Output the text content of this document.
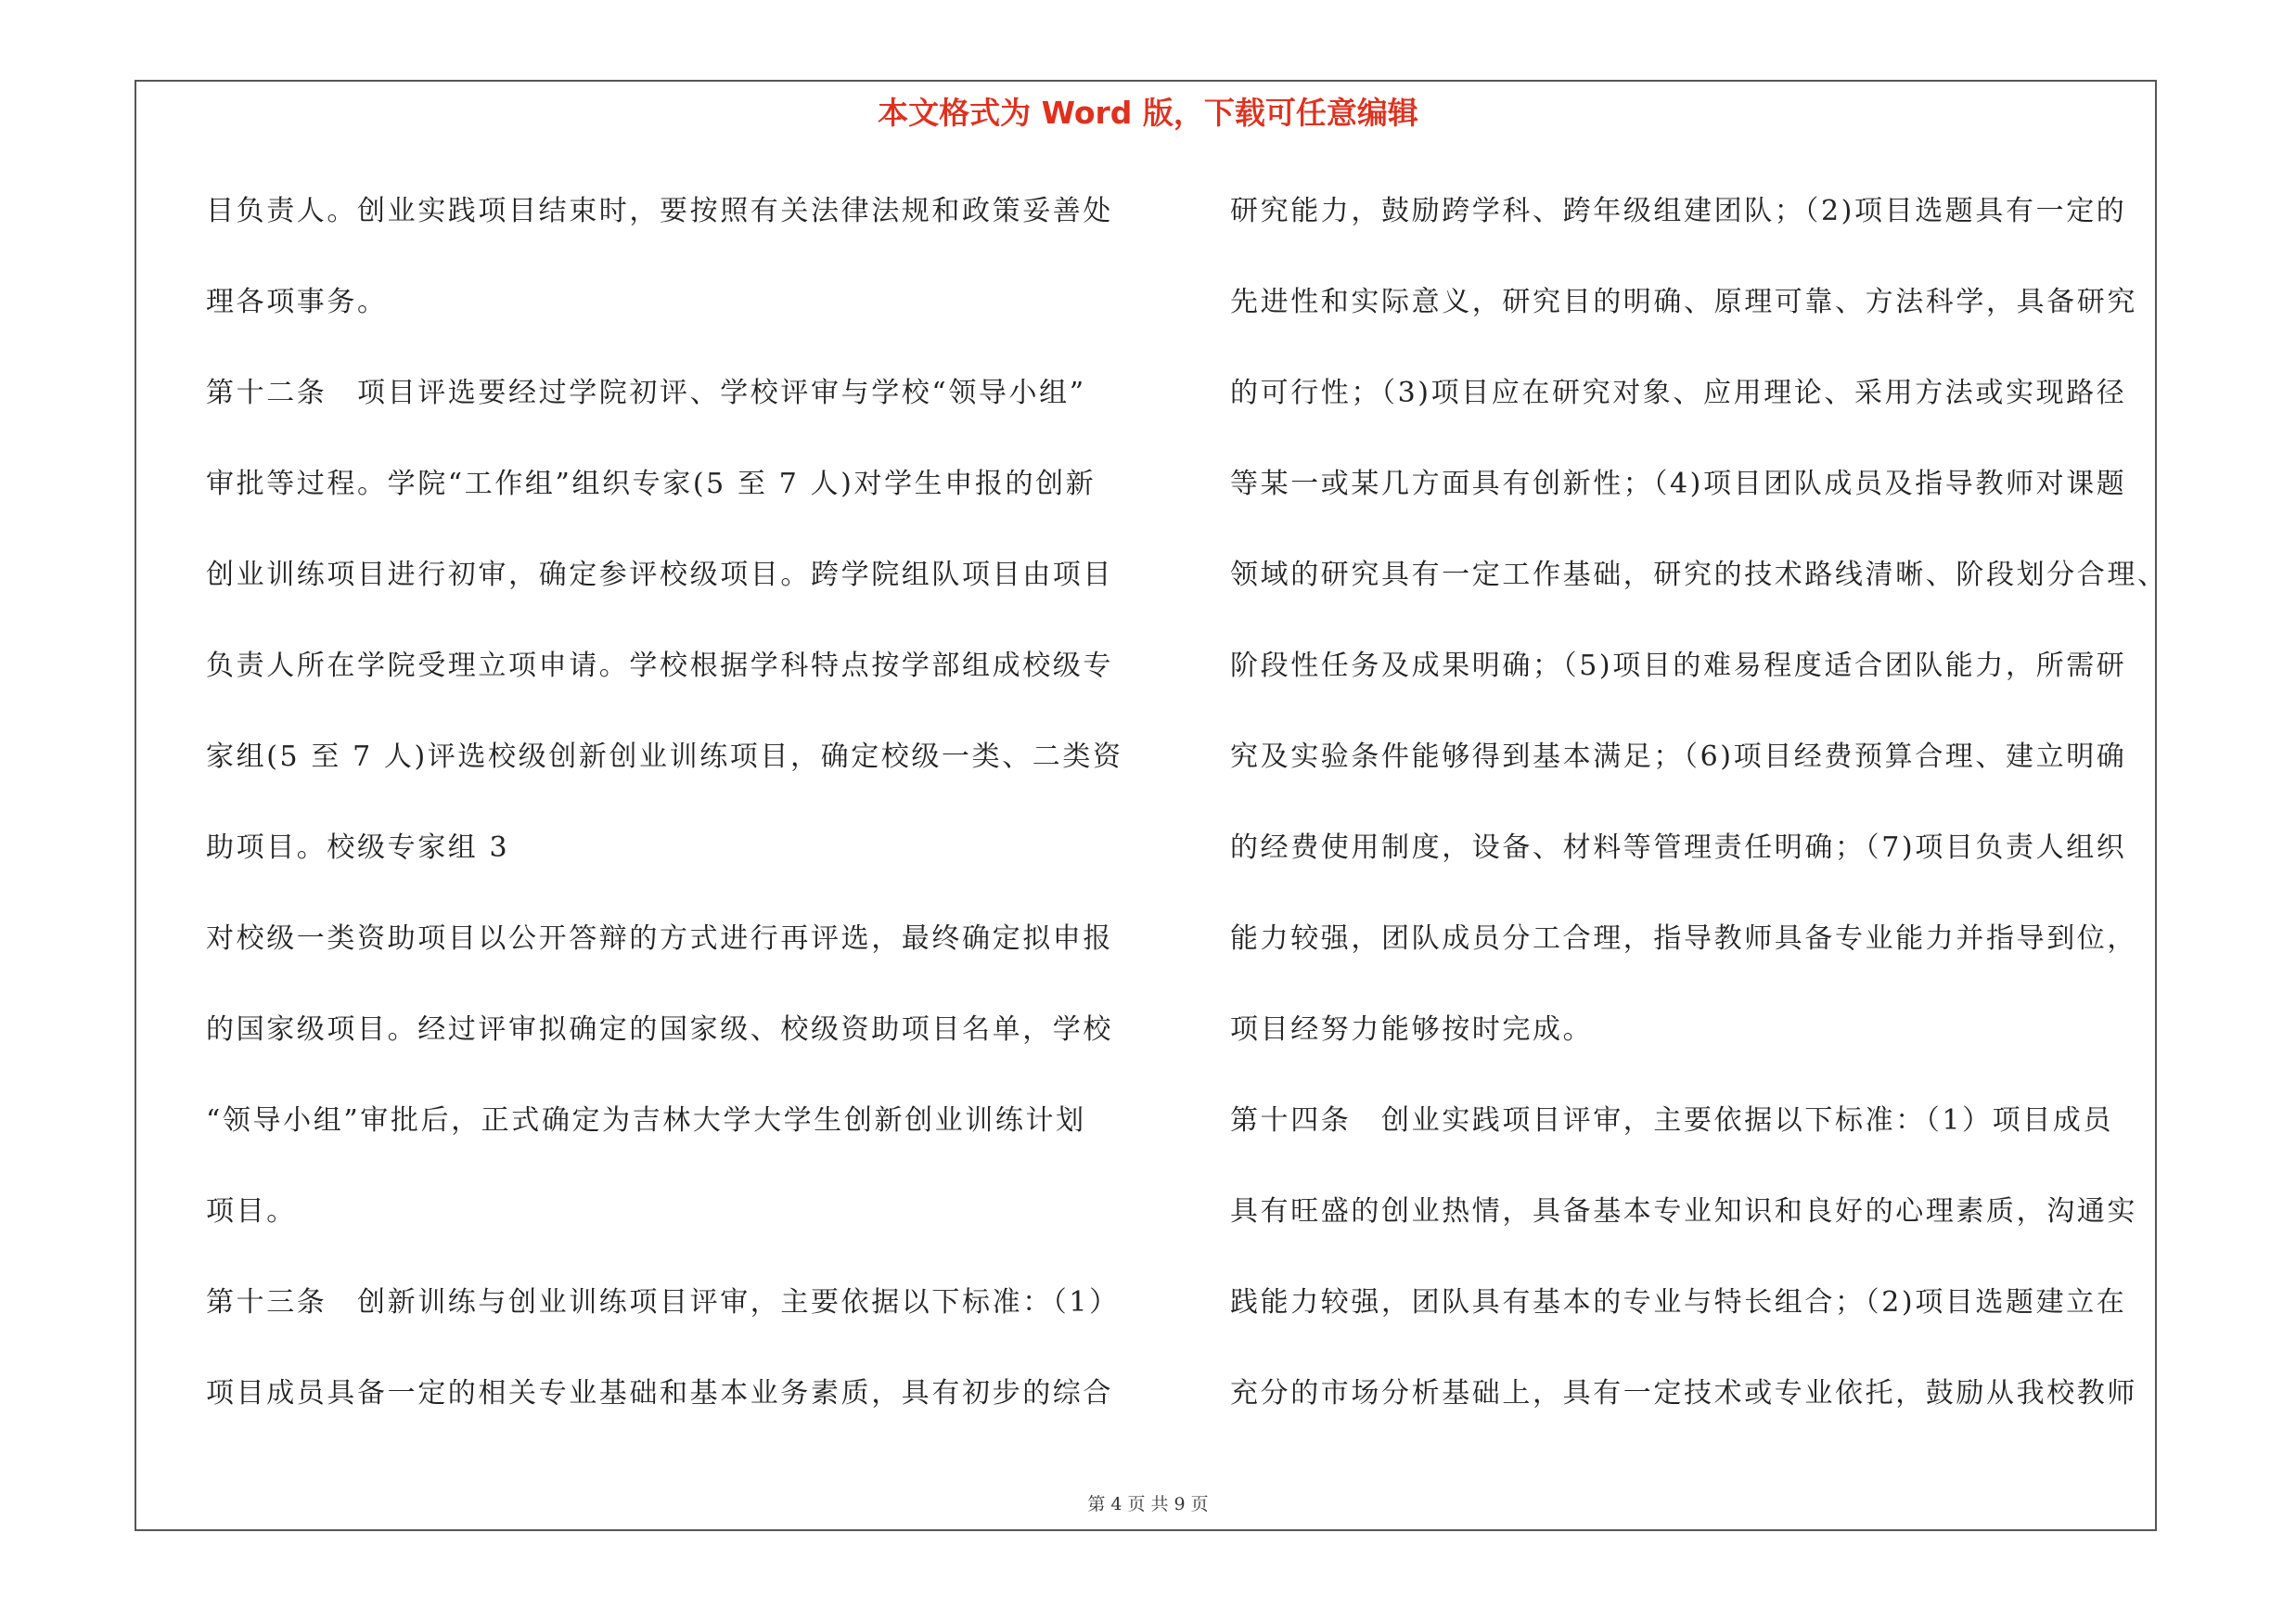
本文格式为 Word 版，下载可任意编辑
目负责人。创业实践项目结束时，要按照有关法律法规和政策妥善处
理各项事务。
第十二条　项目评选要经过学院初评、学校评审与学校“领导小组”
审批等过程。学院“工作组”组织专家(5 至 7 人)对学生申报的创新
创业训练项目进行初审，确定参评校级项目。跨学院组队项目由项目
负责人所在学院受理立项申请。学校根据学科特点按学部组成校级专
家组(5 至 7 人)评选校级创新创业训练项目，确定校级一类、二类资
助项目。校级专家组 3
对校级一类资助项目以公开答辩的方式进行再评选，最终确定拟申报
的国家级项目。经过评审拟确定的国家级、校级资助项目名单，学校
“领导小组”审批后，正式确定为吉林大学大学生创新创业训练计划
项目。
第十三条　创新训练与创业训练项目评审，主要依据以下标准：（1）
项目成员具备一定的相关专业基础和基本业务素质，具有初步的综合
研究能力，鼓励跨学科、跨年级组建团队；（2)项目选题具有一定的
先进性和实际意义，研究目的明确、原理可靠、方法科学，具备研究
的可行性；（3)项目应在研究对象、应用理论、采用方法或实现路径
等某一或某几方面具有创新性；（4)项目团队成员及指导教师对课题
领域的研究具有一定工作基础，研究的技术路线清晰、阶段划分合理、
阶段性任务及成果明确；（5)项目的难易程度适合团队能力，所需研
究及实验条件能够得到基本满足；（6)项目经费预算合理、建立明确
的经费使用制度，设备、材料等管理责任明确；（7)项目负责人组织
能力较强，团队成员分工合理，指导教师具备专业能力并指导到位，
项目经努力能够按时完成。
第十四条　创业实践项目评审，主要依据以下标准：（1）项目成员
具有旺盛的创业热情，具备基本专业知识和良好的心理素质，沟通实
践能力较强，团队具有基本的专业与特长组合；（2)项目选题建立在
充分的市场分析基础上，具有一定技术或专业依托，鼓励从我校教师
第 4 页 共 9 页
